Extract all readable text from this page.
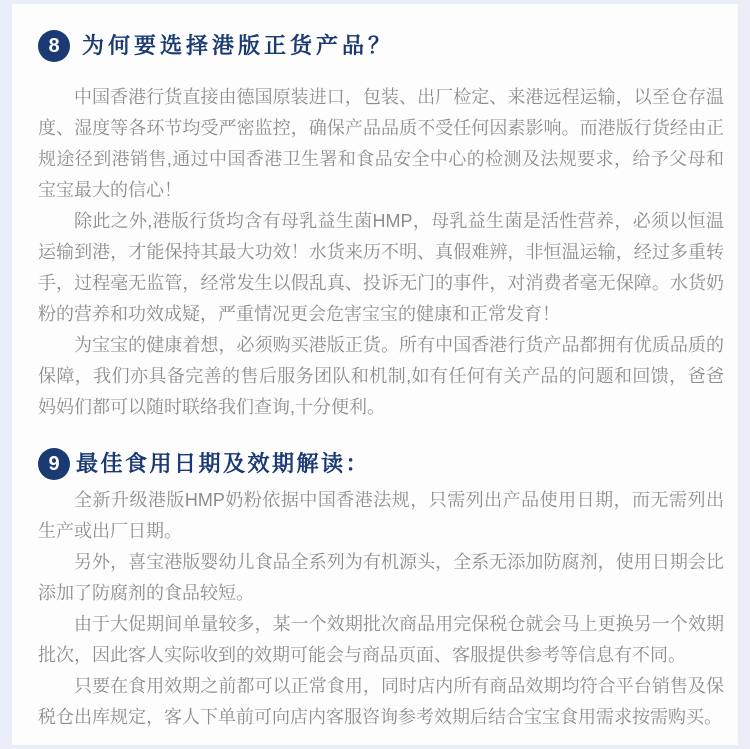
8	为何要选择港版正货产品？

中国香港行货直接由德国原装进口，包装、出厂检定、来港远程运输，以至仓存温度、湿度等各环节均受严密监控，确保产品品质不受任何因素影响。而港版行货经由正规途径到港销售,通过中国香港卫生署和食品安全中心的检测及法规要求，给予父母和宝宝最大的信心！

除此之外,港版行货均含有母乳益生菌HMP，母乳益生菌是活性营养，必须以恒温运输到港，才能保持其最大功效！水货来历不明、真假难辨，非恒温运输，经过多重转手，过程毫无监管，经常发生以假乱真、投诉无门的事件，对消费者毫无保障。水货奶粉的营养和功效成疑，严重情况更会危害宝宝的健康和正常发育！

为宝宝的健康着想，必须购买港版正货。所有中国香港行货产品都拥有优质品质的保障，我们亦具备完善的售后服务团队和机制,如有任何有关产品的问题和回馈，爸爸妈妈们都可以随时联络我们查询,十分便利。

9 最佳食用日期及效期解读：

全新升级港版HMP奶粉依据中国香港法规，只需列出产品使用日期，而无需列出生产或出厂日期。

另外，喜宝港版婴幼儿食品全系列为有机源头，全系无添加防腐剂，使用日期会比添加了防腐剂的食品较短。

由于大促期间单量较多，某一个效期批次商品用完保税仓就会马上更换另一个效期批次，因此客人实际收到的效期可能会与商品页面、客服提供参考等信息有不同。

只要在食用效期之前都可以正常食用，同时店内所有商品效期均符合平台销售及保税仓出库规定，客人下单前可向店内客服咨询参考效期后结合宝宝食用需求按需购买。
